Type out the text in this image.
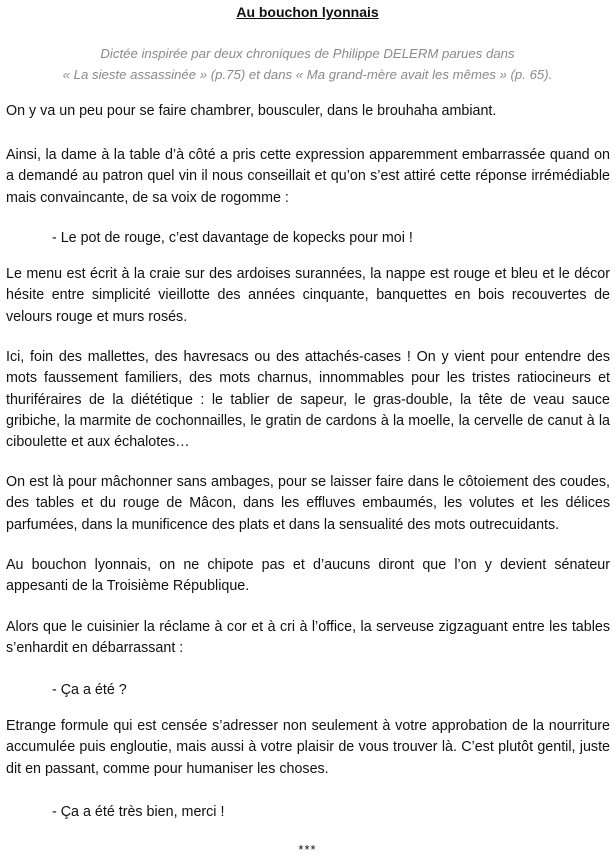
Au bouchon lyonnais
Dictée inspirée par deux chroniques de Philippe DELERM parues dans
« La sieste assassinée » (p.75) et dans « Ma grand-mère avait les mêmes » (p. 65).

On y va un peu pour se faire chambrer, bousculer, dans le brouhaha ambiant.

Ainsi, la dame à la table d’à côté a pris cette expression apparemment embarrassée quand on a demandé au patron quel vin il nous conseillait et qu’on s’est attiré cette réponse irrémédiable mais convaincante, de sa voix de rogomme :

- Le pot de rouge, c’est davantage de kopecks pour moi !

Le menu est écrit à la craie sur des ardoises surannées, la nappe est rouge et bleu et le décor hésite entre simplicité vieillotte des années cinquante, banquettes en bois recouvertes de velours rouge et murs rosés.

Ici, foin des mallettes, des havresacs ou des attachés-cases ! On y vient pour entendre des mots faussement familiers, des mots charnus, innommables pour les tristes ratiocineurs et thuriféraires de la diététique : le tablier de sapeur, le gras-double, la tête de veau sauce gribiche, la marmite de cochonnailles, le gratin de cardons à la moelle, la cervelle de canut à la ciboulette et aux échalotes…

On est là pour mâchonner sans ambages, pour se laisser faire dans le côtoiement des coudes, des tables et du rouge de Mâcon, dans les effluves embaumés, les volutes et les délices parfumées, dans la munificence des plats et dans la sensualité des mots outrecuidants.

Au bouchon lyonnais, on ne chipote pas et d’aucuns diront que l’on y devient sénateur appesanti de la Troisième République.

Alors que le cuisinier la réclame à cor et à cri à l’office, la serveuse zigzaguant entre les tables s’enhardit en débarrassant :

- Ça a été ?

Etrange formule qui est censée s’adresser non seulement à votre approbation de la nourriture accumulée puis engloutie, mais aussi à votre plaisir de vous trouver là. C’est plutôt gentil, juste dit en passant, comme pour humaniser les choses.

- Ça a été très bien, merci !

***
